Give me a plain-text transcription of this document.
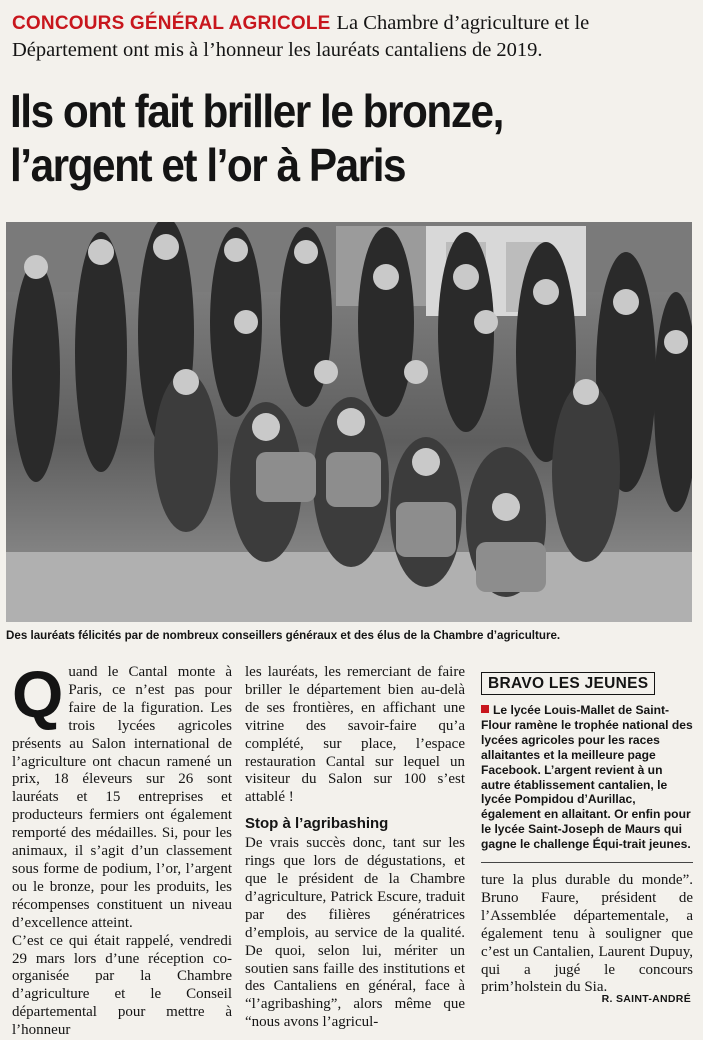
CONCOURS GÉNÉRAL AGRICOLE La Chambre d’agriculture et le Département ont mis à l’honneur les lauréats cantaliens de 2019.
Ils ont fait briller le bronze,
l’argent et l’or à Paris
Des lauréats félicités par de nombreux conseillers généraux et des élus de la Chambre d’agriculture.
Q uand le Cantal monte à Paris, ce n’est pas pour faire de la figuration. Les trois lycées agricoles présents au Salon international de l’agriculture ont chacun ramené un prix, 18 éleveurs sur 26 sont lauréats et 15 entreprises et producteurs fermiers ont également remporté des médailles. Si, pour les animaux, il s’agit d’un classement sous forme de podium, l’or, l’argent ou le bronze, pour les produits, les récompenses constituent un niveau d’excellence atteint.

C’est ce qui était rappelé, vendredi 29 mars lors d’une réception co-organisée par la Chambre d’agriculture et le Conseil départemental pour mettre à l’honneur

les lauréats, les remerciant de faire briller le département bien au-delà de ses frontières, en affichant une vitrine des savoir-faire qu’a complété, sur place, l’espace restauration Cantal sur lequel un visiteur du Salon sur 100 s’est attablé !

Stop à l’agribashing

De vrais succès donc, tant sur les rings que lors de dégustations, et que le président de la Chambre d’agriculture, Patrick Escure, traduit par des filières génératrices d’emplois, au service de la qualité. De quoi, selon lui, mériter un soutien sans faille des institutions et des Cantaliens en général, face à “l’agribashing”, alors même que “nous avons l’agricul-

BRAVO LES JEUNES
Le lycée Louis-Mallet de Saint-Flour ramène le trophée national des lycées agricoles pour les races allaitantes et la meilleure page Facebook. L’argent revient à un autre établissement cantalien, le lycée Pompidou d’Aurillac, également en allaitant. Or enfin pour le lycée Saint-Joseph de Maurs qui gagne le challenge Équi-trait jeunes.

ture la plus durable du monde”. Bruno Faure, président de l’Assemblée départementale, a également tenu à souligner que c’est un Cantalien, Laurent Dupuy, qui a jugé le concours prim’holstein du Sia.

R. SAINT-ANDRÉ
